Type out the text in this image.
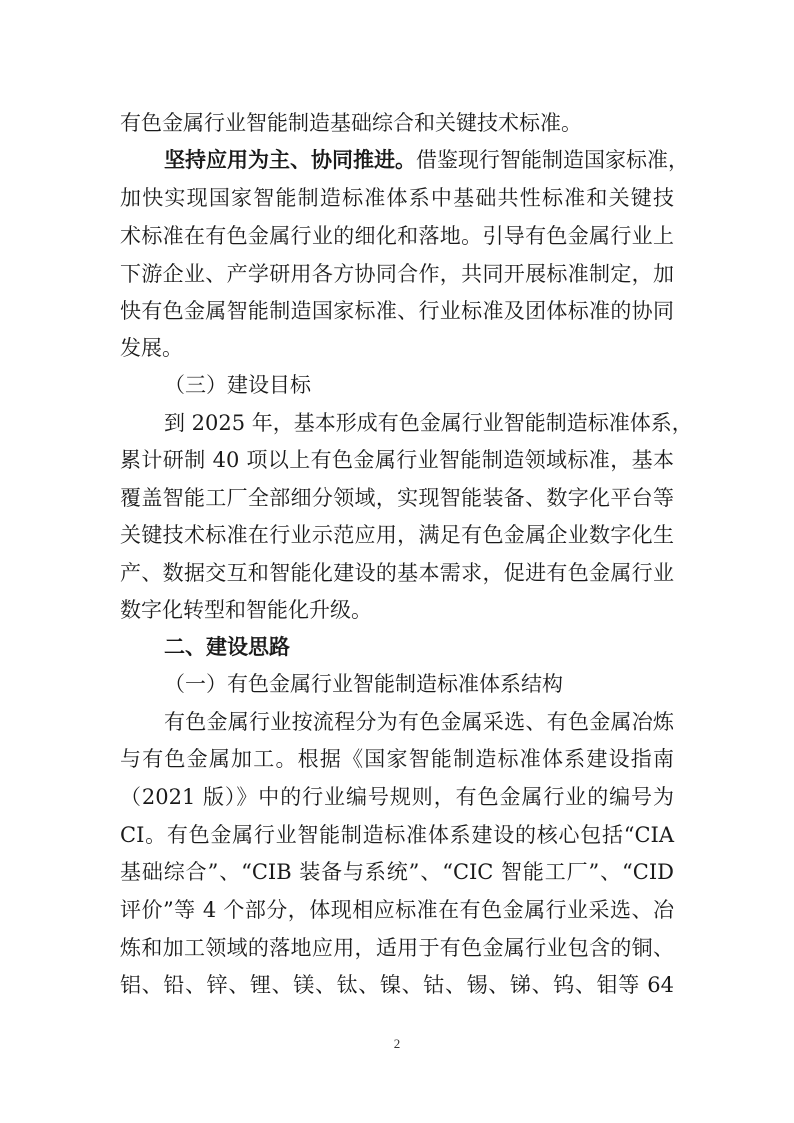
有色金属行业智能制造基础综合和关键技术标准。
坚持应用为主、协同推进。借鉴现行智能制造国家标准，
加快实现国家智能制造标准体系中基础共性标准和关键技
术标准在有色金属行业的细化和落地。引导有色金属行业上
下游企业、产学研用各方协同合作，共同开展标准制定，加
快有色金属智能制造国家标准、行业标准及团体标准的协同
发展。
（三）建设目标
到 2025 年，基本形成有色金属行业智能制造标准体系，
累计研制 40 项以上有色金属行业智能制造领域标准，基本
覆盖智能工厂全部细分领域，实现智能装备、数字化平台等
关键技术标准在行业示范应用，满足有色金属企业数字化生
产、数据交互和智能化建设的基本需求，促进有色金属行业
数字化转型和智能化升级。
二、建设思路
（一）有色金属行业智能制造标准体系结构
有色金属行业按流程分为有色金属采选、有色金属冶炼
与有色金属加工。根据《国家智能制造标准体系建设指南
（2021 版）》中的行业编号规则，有色金属行业的编号为
CI。有色金属行业智能制造标准体系建设的核心包括“CIA
基础综合”、“CIB 装备与系统”、“CIC 智能工厂”、“CID
评价”等 4 个部分，体现相应标准在有色金属行业采选、冶
炼和加工领域的落地应用，适用于有色金属行业包含的铜、
铝、铅、锌、锂、镁、钛、镍、钴、锡、锑、钨、钼等 64
2
